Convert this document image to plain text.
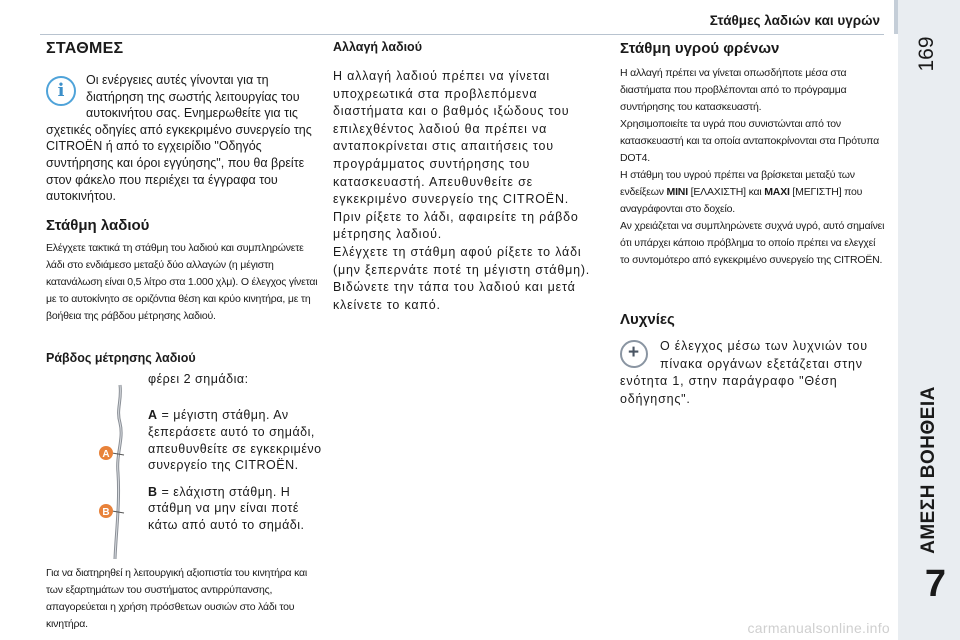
Στάθμες λαδιών και υγρών
169
ΑΜΕΣΗ ΒΟΗΘΕΙΑ
7
ΣΤΑΘΜΕΣ
i	Οι ενέργειες αυτές γίνονται για τη διατήρηση της σωστής λειτουργίας του αυτοκινήτου σας. Ενημερωθείτε για τις σχετικές οδηγίες από εγκεκριμένο συνεργείο της CITROËN ή από το εγχειρίδιο "Οδηγός συντήρησης και όροι εγγύησης", που θα βρείτε στον φάκελο που περιέχει τα έγγραφα του αυτοκινήτου.
Στάθμη λαδιού
Ελέγχετε τακτικά τη στάθμη του λαδιού και συμπληρώνετε λάδι στο ενδιάμεσο μεταξύ δύο αλλαγών (η μέγιστη κατανάλωση είναι 0,5 λίτρο στα 1.000 χλμ). Ο έλεγχος γίνεται με το αυτοκίνητο σε οριζόντια θέση και κρύο κινητήρα, με τη βοήθεια της ράβδου μέτρησης λαδιού.
Ράβδος μέτρησης λαδιού
A
B

φέρει 2 σημάδια:

A = μέγιστη στάθμη. Αν ξεπεράσετε αυτό το σημάδι, απευθυνθείτε σε εγκεκριμένο συνεργείο της CITROËN.

B = ελάχιστη στάθμη. Η στάθμη να μην είναι ποτέ κάτω από αυτό το σημάδι.

Για να διατηρηθεί η λειτουργική αξιοπιστία του κινητήρα και των εξαρτημάτων του συστήματος αντιρρύπανσης, απαγορεύεται η χρήση πρόσθετων ουσιών στο λάδι του κινητήρα.
Αλλαγή λαδιού
Η αλλαγή λαδιού πρέπει να γίνεται υποχρεωτικά στα προβλεπόμενα διαστήματα και ο βαθμός ιξώδους του επιλεχθέντος λαδιού θα πρέπει να ανταποκρίνεται στις απαιτήσεις του προγράμματος συντήρησης του κατασκευαστή. Απευθυνθείτε σε εγκεκριμένο συνεργείο της CITROËN.
Πριν ρίξετε το λάδι, αφαιρείτε τη ράβδο μέτρησης λαδιού.
Ελέγχετε τη στάθμη αφού ρίξετε το λάδι (μην ξεπερνάτε ποτέ τη μέγιστη στάθμη).
Βιδώνετε την τάπα του λαδιού και μετά κλείνετε το καπό.
Στάθμη υγρού φρένων
Η αλλαγή πρέπει να γίνεται οπωσδήποτε μέσα στα διαστήματα που προβλέπονται από το πρόγραμμα συντήρησης του κατασκευαστή.
Χρησιμοποιείτε τα υγρά που συνιστώνται από τον κατασκευαστή και τα οποία ανταποκρίνονται στα Πρότυπα DOT4.
Η στάθμη του υγρού πρέπει να βρίσκεται μεταξύ των ενδείξεων MINI [ΕΛΑΧΙΣΤΗ] και MAXI [ΜΕΓΙΣΤΗ] που αναγράφονται στο δοχείο.
Αν χρειάζεται να συμπληρώνετε συχνά υγρό, αυτό σημαίνει ότι υπάρχει κάποιο πρόβλημα το οποίο πρέπει να ελεγχεί το συντομότερο από εγκεκριμένο συνεργείο της CITROËN.
Λυχνίες
+	Ο έλεγχος μέσω των λυχνιών του πίνακα οργάνων εξετάζεται στην ενότητα 1, στην παράγραφο "Θέση οδήγησης".
carmanualsonline.info
